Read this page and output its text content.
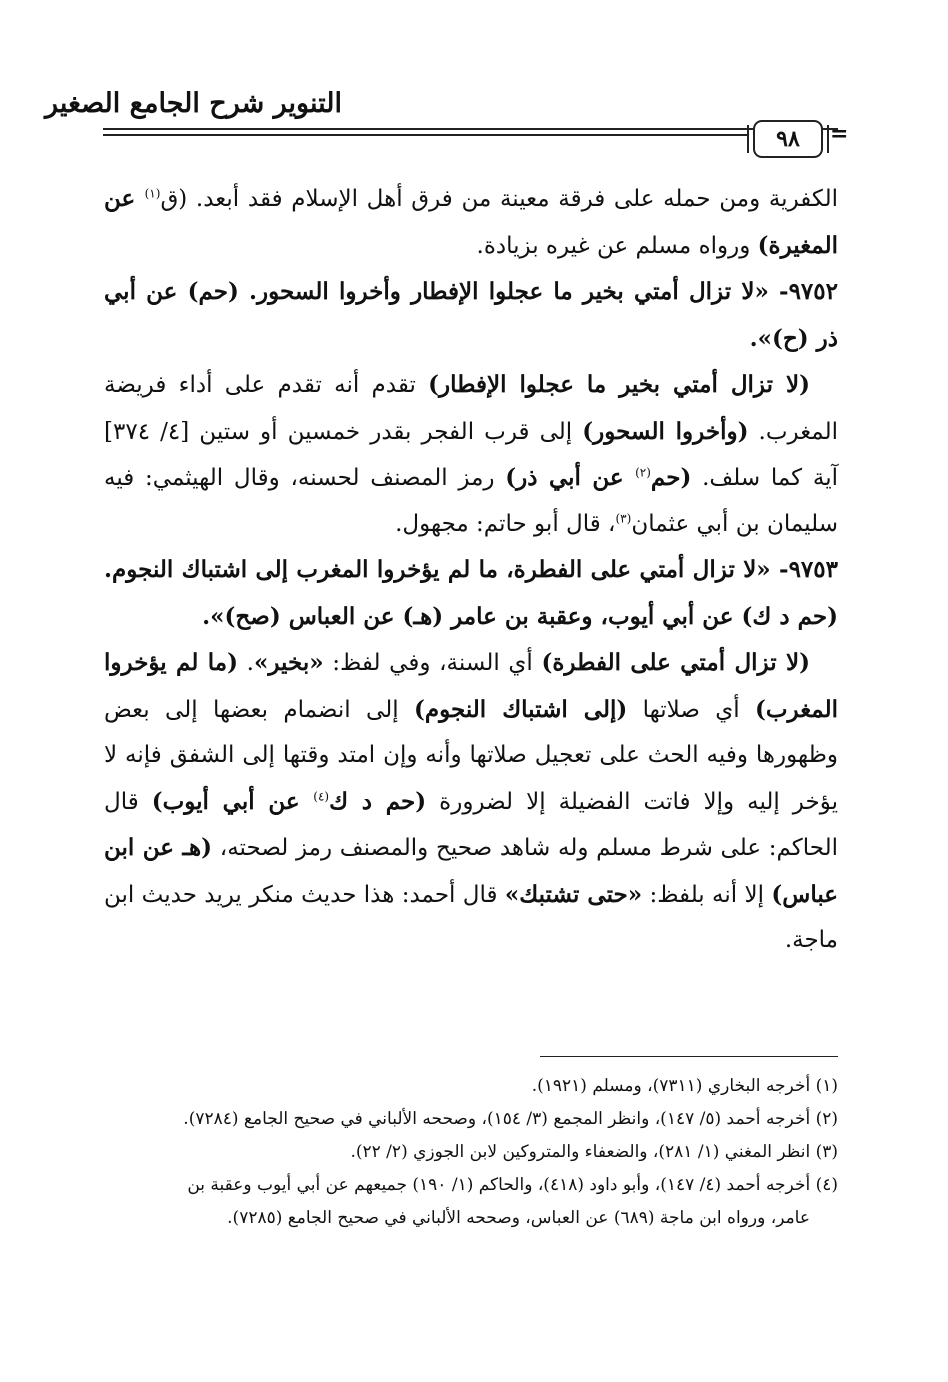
التنوير شرح الجامع الصغير
٩٨	=

الكفرية ومن حمله على فرقة معينة من فرق أهل الإسلام فقد أبعد. (ق$^{(١)}$ عن المغيرة) ورواه مسلم عن غيره بزيادة.

٩٧٥٢- «لا تزال أمتي بخير ما عجلوا الإفطار وأخروا السحور. (حم) عن أبي ذر (ح)».

(لا تزال أمتي بخير ما عجلوا الإفطار) تقدم أنه تقدم على أداء فريضة المغرب. (وأخروا السحور) إلى قرب الفجر بقدر خمسين أو ستين [٤/ ٣٧٤] آية كما سلف. (حم$^{(٢)}$ عن أبي ذر) رمز المصنف لحسنه، وقال الهيثمي: فيه سليمان بن أبي عثمان$^{(٣)}$، قال أبو حاتم: مجهول.

٩٧٥٣- «لا تزال أمتي على الفطرة، ما لم يؤخروا المغرب إلى اشتباك النجوم. (حم د ك) عن أبي أيوب، وعقبة بن عامر (هـ) عن العباس (صح)».

(لا تزال أمتي على الفطرة) أي السنة، وفي لفظ: «بخير». (ما لم يؤخروا المغرب) أي صلاتها (إلى اشتباك النجوم) إلى انضمام بعضها إلى بعض وظهورها وفيه الحث على تعجيل صلاتها وأنه وإن امتد وقتها إلى الشفق فإنه لا يؤخر إليه وإلا فاتت الفضيلة إلا لضرورة (حم د ك$^{(٤)}$ عن أبي أيوب) قال الحاكم: على شرط مسلم وله شاهد صحيح والمصنف رمز لصحته، (هـ عن ابن عباس) إلا أنه بلفظ: «حتى تشتبك» قال أحمد: هذا حديث منكر يريد حديث ابن ماجة.

(١) أخرجه البخاري (٧٣١١)، ومسلم (١٩٢١).

(٢) أخرجه أحمد (٥/ ١٤٧)، وانظر المجمع (٣/ ١٥٤)، وصححه الألباني في صحيح الجامع (٧٢٨٤).

(٣) انظر المغني (١/ ٢٨١)، والضعفاء والمتروكين لابن الجوزي (٢/ ٢٢).

(٤) أخرجه أحمد (٤/ ١٤٧)، وأبو داود (٤١٨)، والحاكم (١/ ١٩٠) جميعهم عن أبي أيوب وعقبة بن

عامر، ورواه ابن ماجة (٦٨٩) عن العباس، وصححه الألباني في صحيح الجامع (٧٢٨٥).
